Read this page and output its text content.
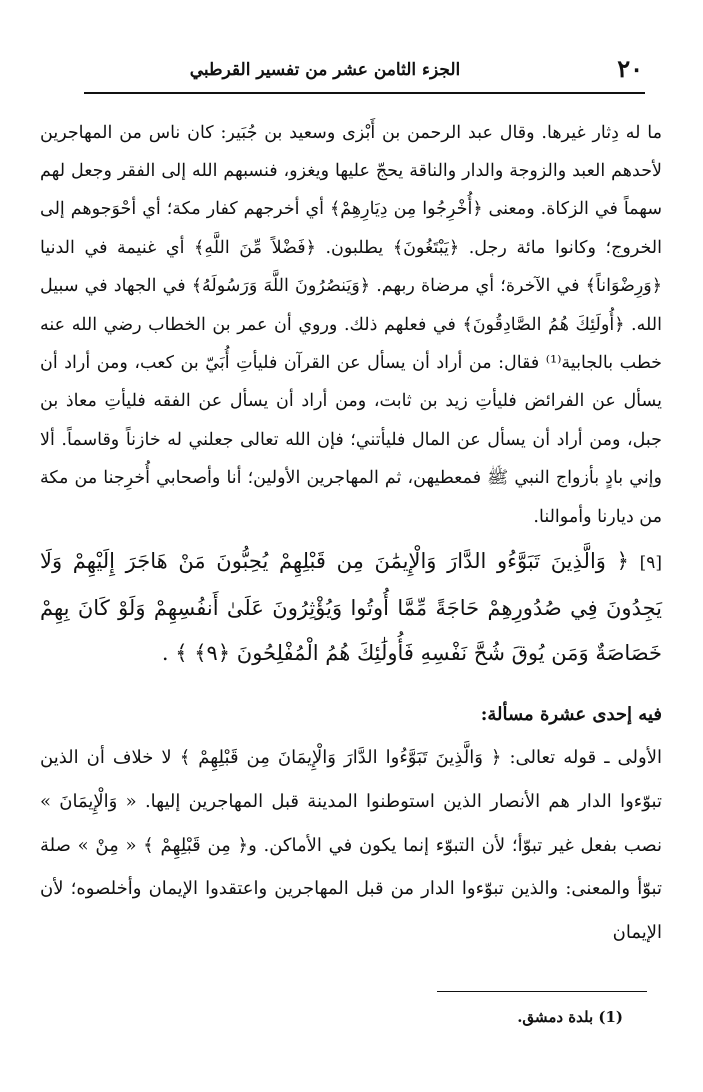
٢٠
الجزء الثامن عشر من تفسير القرطبي

ما له دِثار غيرها. وقال عبد الرحمن بن أَبْزى وسعيد بن جُبَير: كان ناس من المهاجرين لأحدهم العبد والزوجة والدار والناقة يحجّ عليها ويغزو، فنسبهم الله إلى الفقر وجعل لهم سهماً في الزكاة. ومعنى ﴿أُخْرِجُوا مِن دِيَارِهِمْ﴾ أي أخرجهم كفار مكة؛ أي أحْوَجوهم إلى الخروج؛ وكانوا مائة رجل. ﴿يَبْتَغُونَ﴾ يطلبون. ﴿فَضْلاً مِّنَ اللَّهِ﴾ أي غنيمة في الدنيا ﴿وَرِضْوَاناً﴾ في الآخرة؛ أي مرضاة ربهم. ﴿وَيَنصُرُونَ اللَّهَ وَرَسُولَهُ﴾ في الجهاد في سبيل الله. ﴿أُولَئِكَ هُمُ الصَّادِقُونَ﴾ في فعلهم ذلك. وروي أن عمر بن الخطاب رضي الله عنه خطب بالجابية⁽¹⁾ فقال: من أراد أن يسأل عن القرآن فليأتِ أُبَيّ بن كعب، ومن أراد أن يسأل عن الفرائض فليأتِ زيد بن ثابت، ومن أراد أن يسأل عن الفقه فليأتِ معاذ بن جبل، ومن أراد أن يسأل عن المال فليأتني؛ فإن الله تعالى جعلني له خازناً وقاسماً. ألا وإني بادٍ بأزواج النبي ﷺ فمعطيهن، ثم المهاجرين الأولين؛ أنا وأصحابي أُخرِجنا من مكة من ديارنا وأموالنا.

[٩] ﴿ وَالَّذِينَ تَبَوَّءُو الدَّارَ وَالْإِيمَٰنَ مِن قَبْلِهِمْ يُحِبُّونَ مَنْ هَاجَرَ إِلَيْهِمْ وَلَا يَجِدُونَ فِي صُدُورِهِمْ حَاجَةً مِّمَّا أُوتُوا وَيُؤْثِرُونَ عَلَىٰ أَنفُسِهِمْ وَلَوْ كَانَ بِهِمْ خَصَاصَةٌ وَمَن يُوقَ شُحَّ نَفْسِهِ فَأُولَٰئِكَ هُمُ الْمُفْلِحُونَ ﴿٩﴾ ﴾ .

فيه إحدى عشرة مسألة:

الأولى ـ قوله تعالى: ﴿ وَالَّذِينَ تَبَوَّءُوا الدَّارَ وَالْإِيمَانَ مِن قَبْلِهِمْ ﴾ لا خلاف أن الذين تبوّءوا الدار هم الأنصار الذين استوطنوا المدينة قبل المهاجرين إليها. « وَالْإِيمَانَ » نصب بفعل غير تبوّأ؛ لأن التبوّء إنما يكون في الأماكن. و﴿ مِن قَبْلِهِمْ ﴾ « مِنْ » صلة تبوّأ والمعنى: والذين تبوّءوا الدار من قبل المهاجرين واعتقدوا الإيمان وأخلصوه؛ لأن الإيمان

(1) بلدة دمشق.
